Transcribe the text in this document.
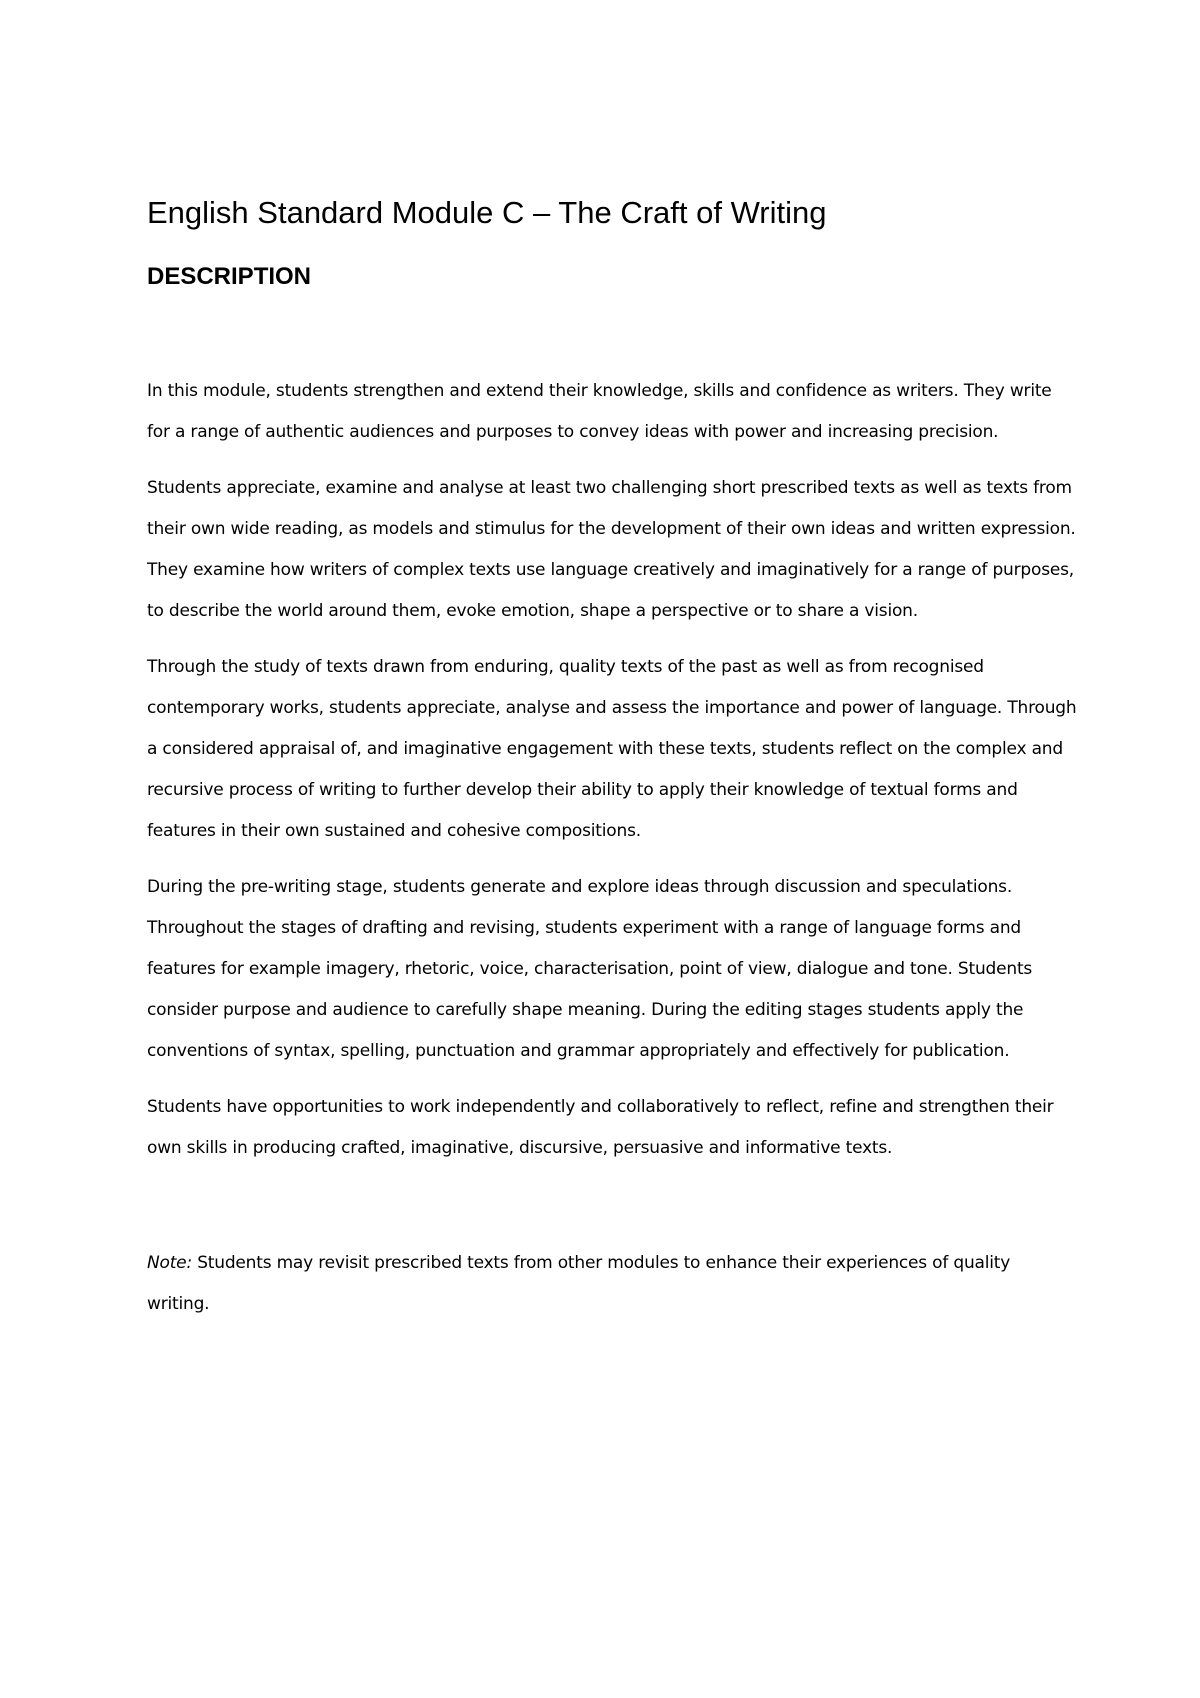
English Standard Module C – The Craft of Writing
DESCRIPTION

In this module, students strengthen and extend their knowledge, skills and confidence as writers. They write for a range of authentic audiences and purposes to convey ideas with power and increasing precision.

Students appreciate, examine and analyse at least two challenging short prescribed texts as well as texts from their own wide reading, as models and stimulus for the development of their own ideas and written expression. They examine how writers of complex texts use language creatively and imaginatively for a range of purposes, to describe the world around them, evoke emotion, shape a perspective or to share a vision.

Through the study of texts drawn from enduring, quality texts of the past as well as from recognised contemporary works, students appreciate, analyse and assess the importance and power of language. Through a considered appraisal of, and imaginative engagement with these texts, students reflect on the complex and recursive process of writing to further develop their ability to apply their knowledge of textual forms and features in their own sustained and cohesive compositions.

During the pre-writing stage, students generate and explore ideas through discussion and speculations. Throughout the stages of drafting and revising, students experiment with a range of language forms and features for example imagery, rhetoric, voice, characterisation, point of view, dialogue and tone. Students consider purpose and audience to carefully shape meaning. During the editing stages students apply the conventions of syntax, spelling, punctuation and grammar appropriately and effectively for publication.

Students have opportunities to work independently and collaboratively to reflect, refine and strengthen their own skills in producing crafted, imaginative, discursive, persuasive and informative texts.

Note: Students may revisit prescribed texts from other modules to enhance their experiences of quality writing.
